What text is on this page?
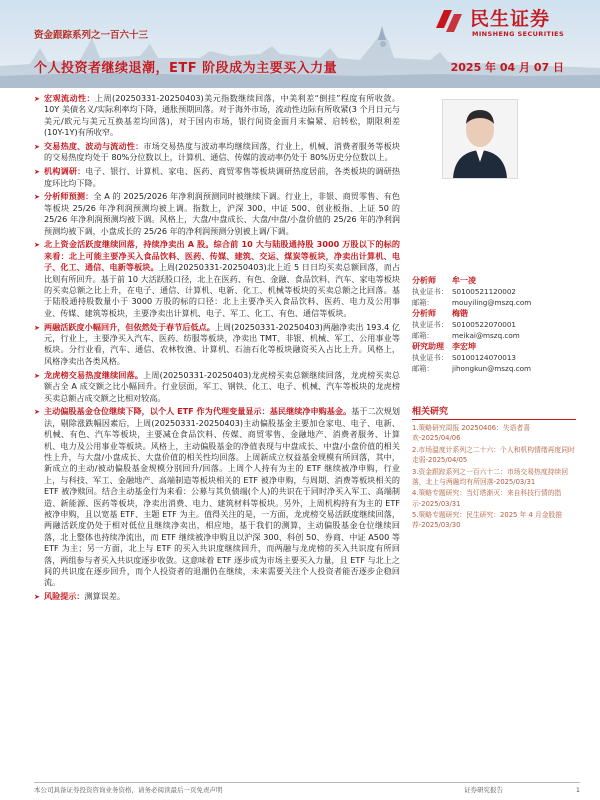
资金跟踪系列之一百六十三
个人投资者继续退潮，ETF 阶段成为主要买入力量	2025 年 04 月 07 日
民生证券
MINSHENG SECURITIES
➤ 宏观流动性：上周(20250331-20250403)美元指数继续回落，中美利差“倒挂”程度有所收敛。10Y 美债名义/实际利率均下降，通胀预期回落。对于海外市场，流动性边际有所收紧(3 个月日元与美元/欧元与美元互换基差均回落)，对于国内市场，银行间资金面月末偏紧、启转松，期限利差(10Y-1Y)有所收窄。
➤ 交易热度、波动与流动性：市场交易热度与波动率均继续回落，行业上，机械、消费者服务等板块的交易热度均处于 80%分位数以上，计算机、通信、传媒的波动率仍处于 80%历史分位数以上。
➤ 机构调研：电子、银行、计算机、家电、医药、商贸零售等板块调研热度居前，各类板块的调研热度环比均下降。
➤ 分析师预测：全 A 的 2025/2026 年净利润预测同时被继续下调。行业上，非银、商贸零售、有色等板块 25/26 年净利润预测均被上调。指数上，沪深 300、中证 500、创业板指、上证 50 的 25/26 年净利润预测均被下调。风格上，大盘/中盘成长、大盘/中盘/小盘价值的 25/26 年的净利润预测均被下调，小盘成长的 25/26 年的净利润预测分别被上调/下调。
➤ 北上资金活跃度继续回落，持续净卖出 A 股。综合前 10 大与陆股通持股 3000 万股以下的标的来看：北上可能主要净买入食品饮料、医药、传媒、建筑、交运、煤炭等板块，净卖出计算机、电子、化工、通信、电新等板块。上周(20250331-20250403)北上近 5 日日均买卖总额回落，而占比则有所回升。基于前 10 大活跃股口径，北上在医药、有色、金融、食品饮料、汽车、家电等板块的买卖总额之比上升，在电子、通信、计算机、电新、化工、机械等板块的买卖总额之比回落。基于陆股通持股数量小于 3000 万股的标的口径：北上主要净买入食品饮料、医药、电力及公用事业、传媒、建筑等板块，主要净卖出计算机、电子、军工、化工、有色、通信等板块。
➤ 两融活跃度小幅回升，但依然处于春节后低点。上周(20250331-20250403)两融净卖出 193.4 亿元，行业上，主要净买入汽车、医药、纺服等板块，净卖出 TMT、非银、机械、军工、公用事业等板块。分行业看，汽车、通信、农林牧渔、计算机、石油石化等板块融资买入占比上升。风格上，风格净卖出各类风格。
➤ 龙虎榜交易热度继续回落。上周(20250331-20250403)龙虎榜买卖总额继续回落，龙虎榜买卖总额占全 A 成交额之比小幅回升。行业层面，军工、钢铁、化工、电子、机械、汽车等板块的龙虎榜买卖总额占成交额之比相对较高。
➤ 主动偏股基金仓位继续下降，以个人 ETF 作为代理变量显示：基民继续净申购基金。基于二次规划法，剔除涨跌幅因素后，上周(20250331-20250403)主动偏股基金主要加仓家电、电子、电新、机械、有色、汽车等板块，主要减仓食品饮料、传媒、商贸零售、金融地产、消费者服务、计算机、电力及公用事业等板块。风格上，主动偏股基金的净值表现与中盘成长、中盘/小盘价值的相关性上升，与大盘/小盘成长、大盘价值的相关性均回落。上周新成立权益基金规模有所回落，其中，新成立的主动/被动偏股基金规模分别回升/回落。上周个人持有为主的 ETF 继续被净申购，行业上，与科技、军工、金融地产、高端制造等板块相关的 ETF 被净申购，与周期、消费等板块相关的 ETF 被净赎回。结合主动基金行为来看：公募与其负债端(个人)的共识在于同时净买入军工、高端制造、新能源、医药等板块，净卖出消费、电力、建筑材料等板块。另外，上周机构持有为主的 ETF 被净申购，且以宽基 ETF、主题 ETF 为主。值得关注的是，一方面，龙虎榜交易活跃度继续回落，两融活跃度仍处于相对低位且继续净卖出，相应地，基于我们的测算，主动偏股基金仓位继续回落，北上整体也持续净流出，而 ETF 继续被净申购且以沪深 300、科创 50、券商、中证 A500 等 ETF 为主；另一方面，北上与 ETF 的买入共识度继续回升，而两融与龙虎榜的买入共识度有所回落，两组参与者买入共识度逐步收敛。这意味着 ETF 逐步成为市场主要买入力量，且 ETF 与北上之间的共识度在逐步回升，而个人投资者的退潮仍在继续，未来需要关注个人投资者能否逐步企稳回流。
➤ 风险提示：测算误差。
分析师	牟一凌
执业证书： S0100521120002
邮箱：	mouyiling@mszq.com
分析师	梅锴
执业证书： S0100522070001
邮箱：	meikai@mszq.com
研究助理	李宏坤
执业证书： S0100124070013
邮箱：	jihongkun@mszq.com
相关研究
1.策略研究周报 20250406：失语者喜欢-2025/04/06
2.市场温度计系列之二十六：个人和机构情绪再度同时走弱-2025/04/05
3.资金跟踪系列之一百六十二：市场交易热度持续回落，北上与两融均有所回落-2025/03/31
4.策略专题研究：当灯塔渐灭：来自科技行情的指示-2025/03/31
5.策略专题研究：民生研究：2025 年 4 月金股推荐-2025/03/30
本公司具备证券投资咨询业务资格，请务必阅读最后一页免责声明	证券研究报告	1
